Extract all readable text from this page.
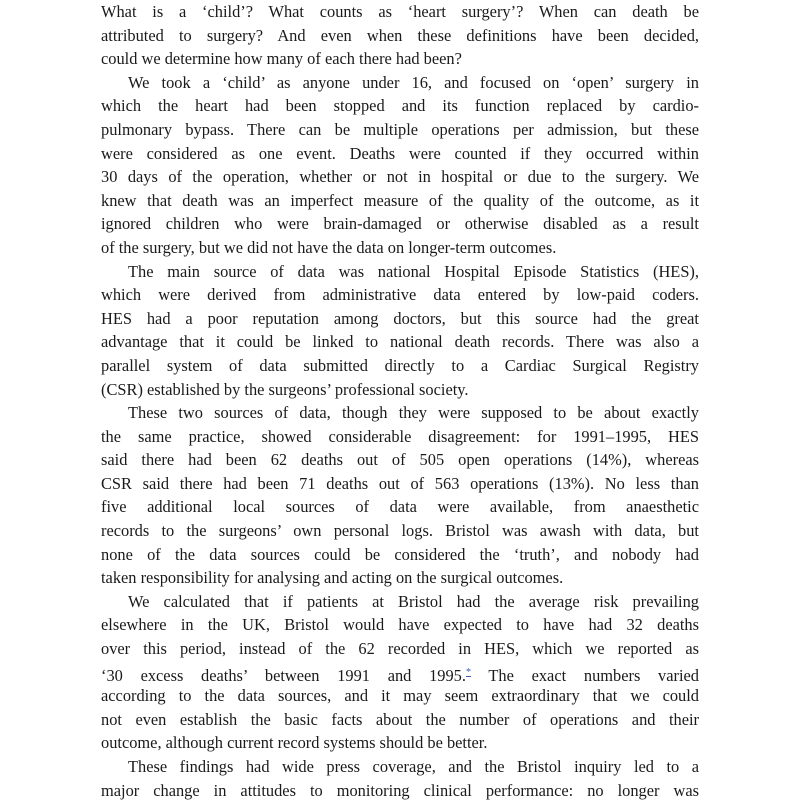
What is a ‘child’? What counts as ‘heart surgery’? When can death be
attributed to surgery? And even when these definitions have been decided,
could we determine how many of each there had been?
We took a ‘child’ as anyone under 16, and focused on ‘open’ surgery in
which the heart had been stopped and its function replaced by cardio-
pulmonary bypass. There can be multiple operations per admission, but these
were considered as one event. Deaths were counted if they occurred within
30 days of the operation, whether or not in hospital or due to the surgery. We
knew that death was an imperfect measure of the quality of the outcome, as it
ignored children who were brain-damaged or otherwise disabled as a result
of the surgery, but we did not have the data on longer-term outcomes.
The main source of data was national Hospital Episode Statistics (HES),
which were derived from administrative data entered by low-paid coders.
HES had a poor reputation among doctors, but this source had the great
advantage that it could be linked to national death records. There was also a
parallel system of data submitted directly to a Cardiac Surgical Registry
(CSR) established by the surgeons’ professional society.
These two sources of data, though they were supposed to be about exactly
the same practice, showed considerable disagreement: for 1991–1995, HES
said there had been 62 deaths out of 505 open operations (14%), whereas
CSR said there had been 71 deaths out of 563 operations (13%). No less than
five additional local sources of data were available, from anaesthetic
records to the surgeons’ own personal logs. Bristol was awash with data, but
none of the data sources could be considered the ‘truth’, and nobody had
taken responsibility for analysing and acting on the surgical outcomes.
We calculated that if patients at Bristol had the average risk prevailing
elsewhere in the UK, Bristol would have expected to have had 32 deaths
over this period, instead of the 62 recorded in HES, which we reported as
‘30 excess deaths’ between 1991 and 1995.* The exact numbers varied
according to the data sources, and it may seem extraordinary that we could
not even establish the basic facts about the number of operations and their
outcome, although current record systems should be better.
These findings had wide press coverage, and the Bristol inquiry led to a
major change in attitudes to monitoring clinical performance: no longer was
